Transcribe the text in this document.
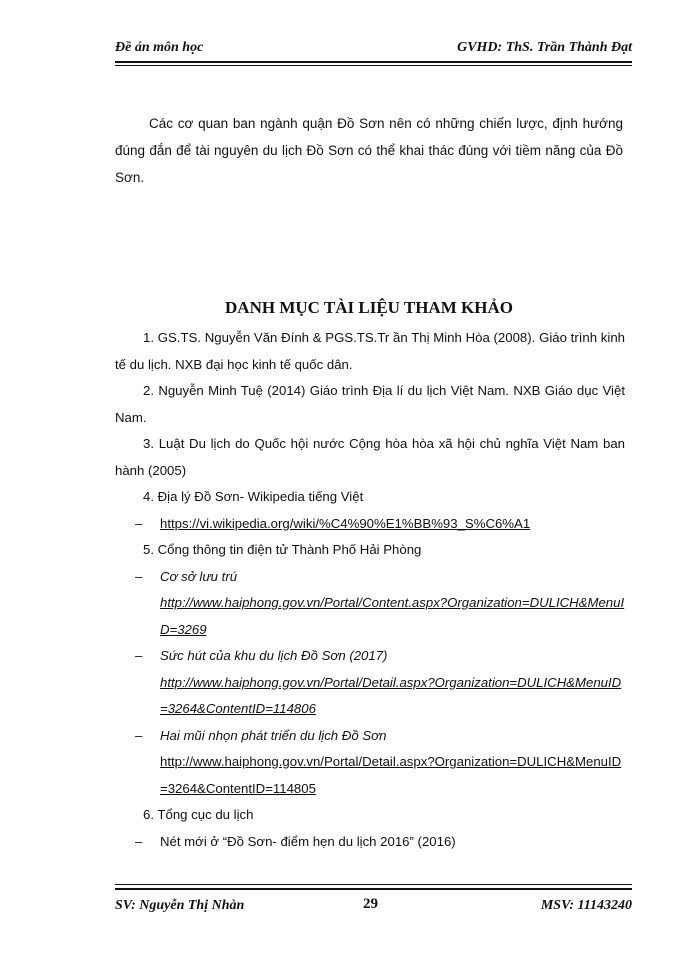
Đề án môn học	GVHD: ThS. Trần Thành Đạt

Các cơ quan ban ngành quận Đồ Sơn nên có những chiến lược, định hướng đúng đắn để tài nguyên du lịch Đồ Sơn có thể khai thác đúng với tiềm năng của Đồ Sơn.

DANH MỤC TÀI LIỆU THAM KHẢO

1. GS.TS. Nguyễn Văn Đính & PGS.TS.Tr ần Thị Minh Hòa (2008). Giáo trình kinh tế du lịch. NXB đại học kinh tế quốc dân.

2. Nguyễn Minh Tuệ (2014) Giáo trình Địa lí du lịch Việt Nam. NXB Giáo dục Việt Nam.

3. Luật Du lịch do Quốc hội nước Cộng hòa hòa xã hội chủ nghĩa Việt Nam ban hành (2005)

4. Địa lý Đồ Sơn- Wikipedia tiếng Việt

– https://vi.wikipedia.org/wiki/%C4%90%E1%BB%93_S%C6%A1

5. Cổng thông tin điện tử Thành Phố Hải Phòng

– Cơ sở lưu trú
http://www.haiphong.gov.vn/Portal/Content.aspx?Organization=DULICH&MenuID=3269
– Sức hút của khu du lịch Đồ Sơn (2017)
http://www.haiphong.gov.vn/Portal/Detail.aspx?Organization=DULICH&MenuID=3264&ContentID=114806
– Hai mũi nhọn phát triển du lịch Đồ Sơn
http://www.haiphong.gov.vn/Portal/Detail.aspx?Organization=DULICH&MenuID=3264&ContentID=114805

6. Tổng cục du lịch

– Nét mới ở “Đồ Sơn- điểm hẹn du lịch 2016” (2016)
SV: Nguyễn Thị Nhàn	29	MSV: 11143240
